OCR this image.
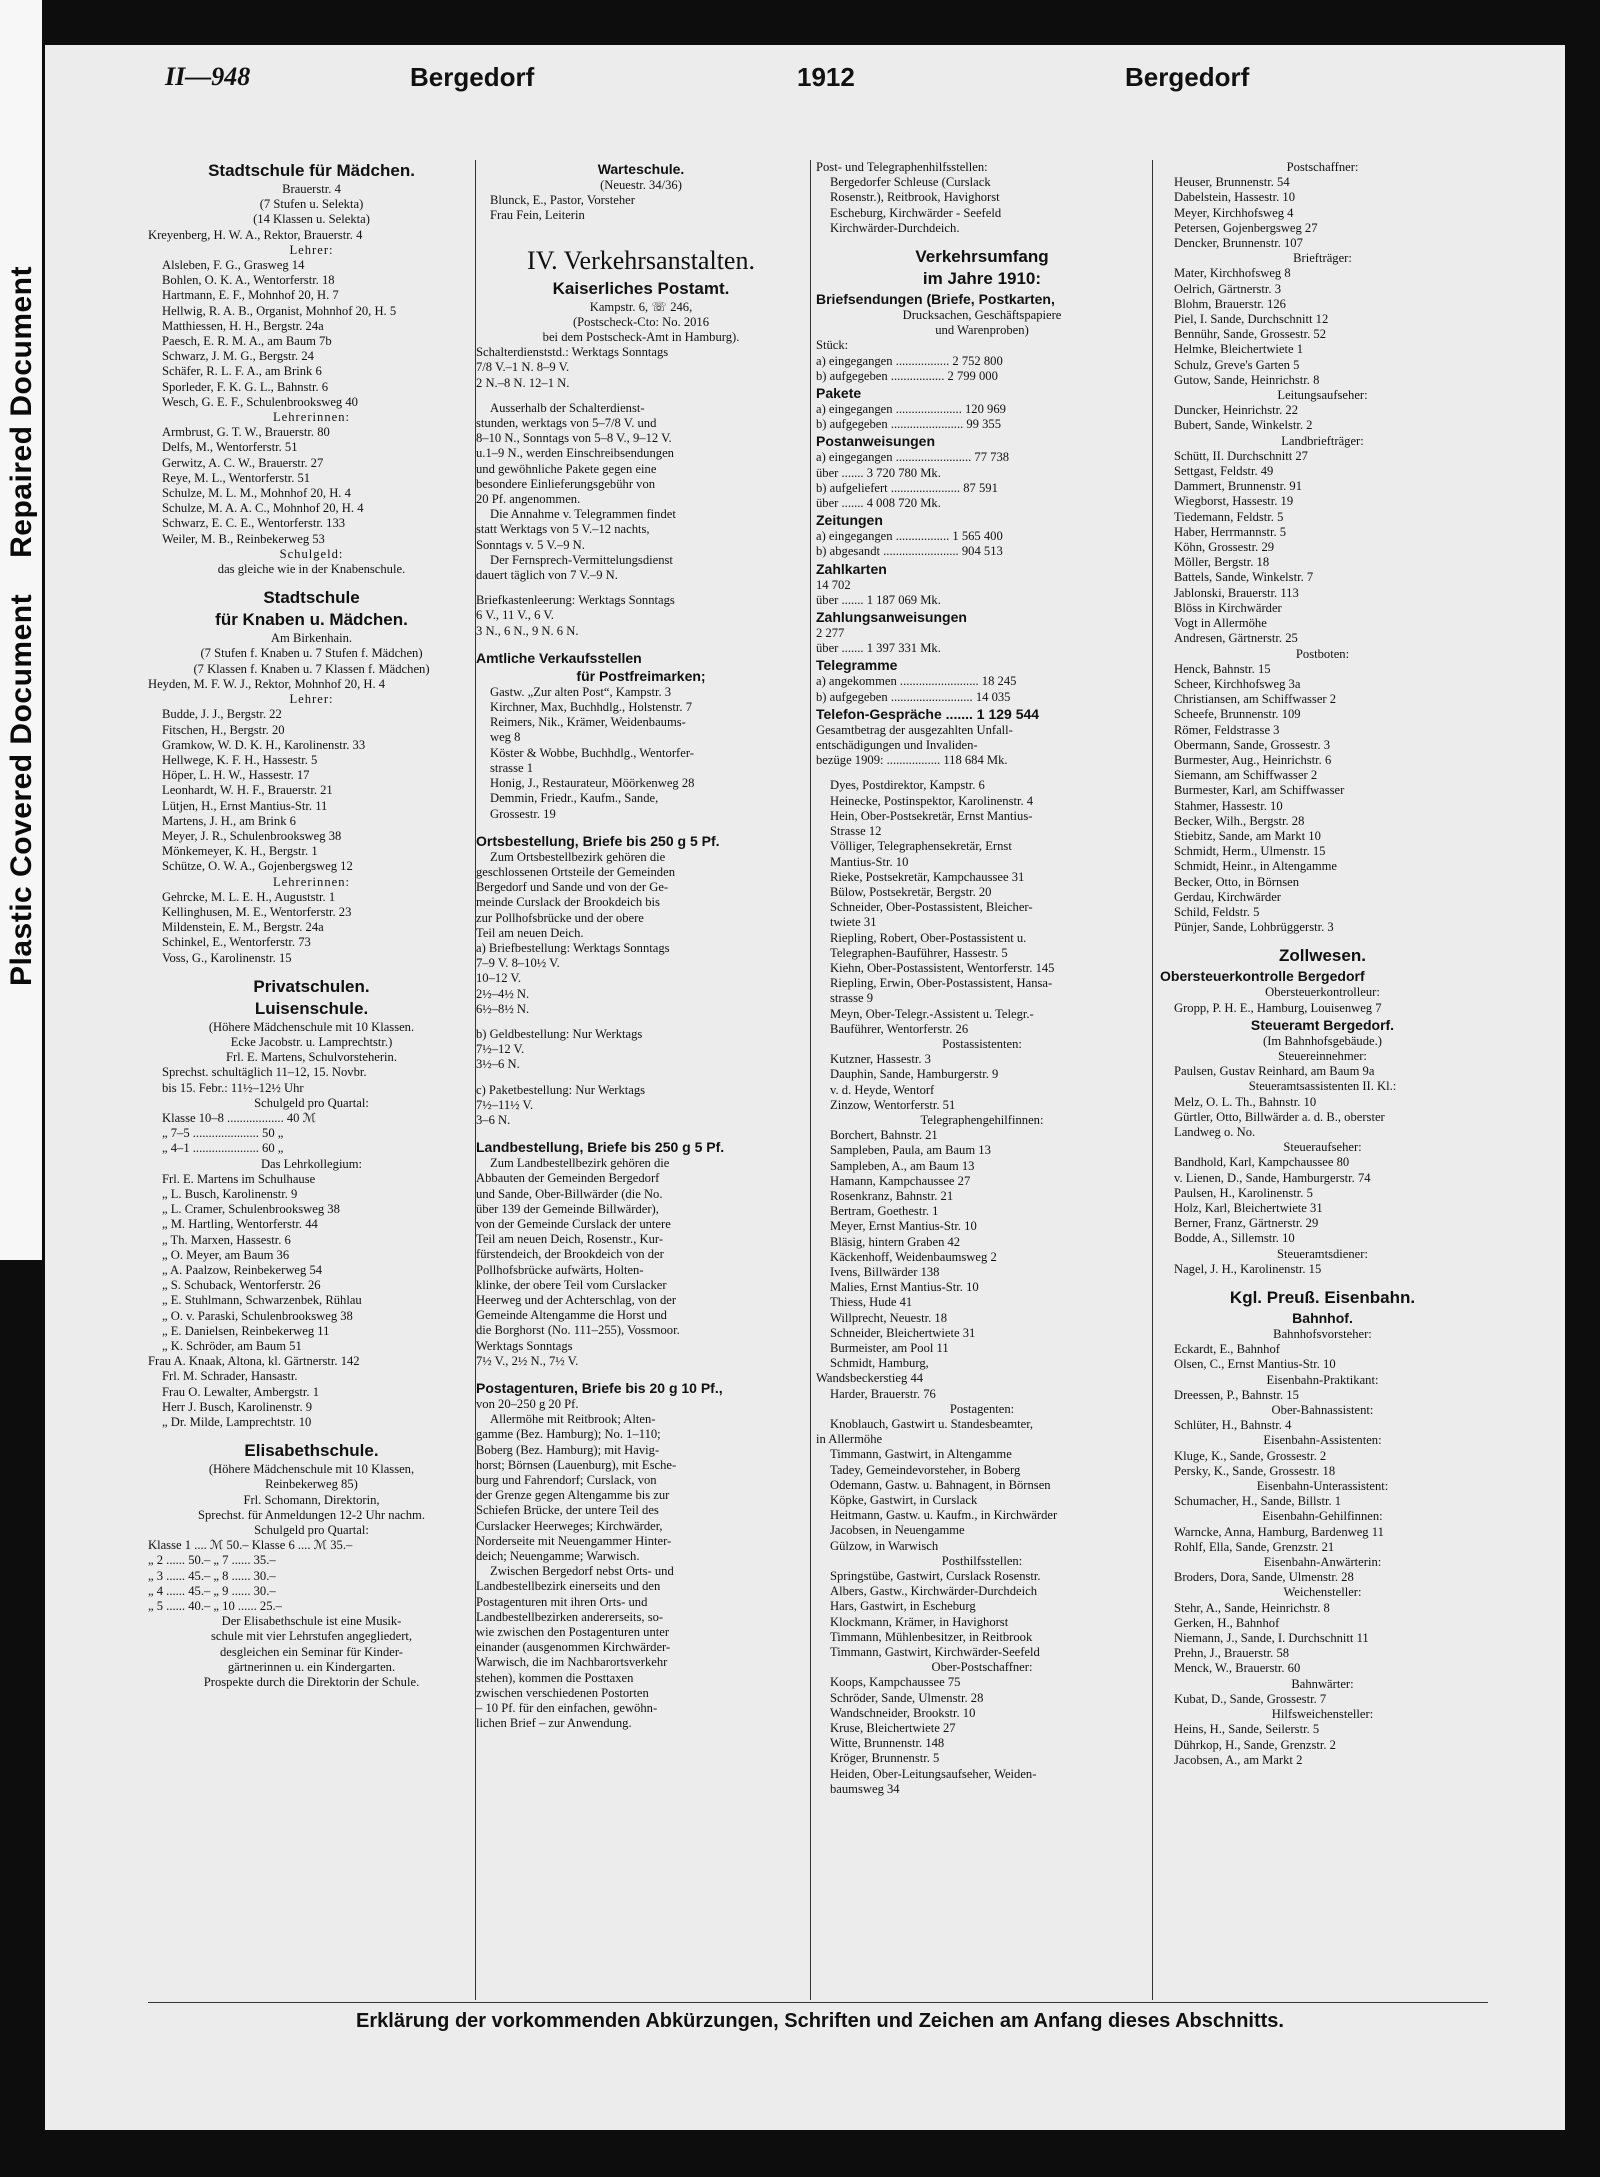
Plastic Covered DocumentRepaired Document
II—948	Bergedorf	1912	Bergedorf
Stadtschule für Mädchen.
Brauerstr. 4
(7 Stufen u. Selekta)
(14 Klassen u. Selekta)
Kreyenberg, H. W. A., Rektor, Brauerstr. 4
Lehrer:
Alsleben, F. G., Grasweg 14
Bohlen, O. K. A., Wentorferstr. 18
Hartmann, E. F., Mohnhof 20, H. 7
Hellwig, R. A. B., Organist, Mohnhof 20, H. 5
Matthiessen, H. H., Bergstr. 24a
Paesch, E. R. M. A., am Baum 7b
Schwarz, J. M. G., Bergstr. 24
Schäfer, R. L. F. A., am Brink 6
Sporleder, F. K. G. L., Bahnstr. 6
Wesch, G. E. F., Schulenbrooksweg 40
Lehrerinnen:
Armbrust, G. T. W., Brauerstr. 80
Delfs, M., Wentorferstr. 51
Gerwitz, A. C. W., Brauerstr. 27
Reye, M. L., Wentorferstr. 51
Schulze, M. L. M., Mohnhof 20, H. 4
Schulze, M. A. A. C., Mohnhof 20, H. 4
Schwarz, E. C. E., Wentorferstr. 133
Weiler, M. B., Reinbekerweg 53
Schulgeld:
das gleiche wie in der Knabenschule.
Stadtschule
für Knaben u. Mädchen.
Am Birkenhain.
(7 Stufen f. Knaben u. 7 Stufen f. Mädchen)
(7 Klassen f. Knaben u. 7 Klassen f. Mädchen)
Heyden, M. F. W. J., Rektor, Mohnhof 20, H. 4
Lehrer:
Budde, J. J., Bergstr. 22
Fitschen, H., Bergstr. 20
Gramkow, W. D. K. H., Karolinenstr. 33
Hellwege, K. F. H., Hassestr. 5
Höper, L. H. W., Hassestr. 17
Leonhardt, W. H. F., Brauerstr. 21
Lütjen, H., Ernst Mantius-Str. 11
Martens, J. H., am Brink 6
Meyer, J. R., Schulenbrooksweg 38
Mönkemeyer, K. H., Bergstr. 1
Schütze, O. W. A., Gojenbergsweg 12
Lehrerinnen:
Gehrcke, M. L. E. H., Auguststr. 1
Kellinghusen, M. E., Wentorferstr. 23
Mildenstein, E. M., Bergstr. 24a
Schinkel, E., Wentorferstr. 73
Voss, G., Karolinenstr. 15
Privatschulen.
Luisenschule.
(Höhere Mädchenschule mit 10 Klassen.
Ecke Jacobstr. u. Lamprechtstr.)
Frl. E. Martens, Schulvorsteherin.
Sprechst. schultäglich 11–12, 15. Novbr.
bis 15. Febr.: 11½–12½ Uhr
Schulgeld pro Quartal:
Klasse 10–8 .................. 40 ℳ
„ 7–5 ..................... 50 „
„ 4–1 ..................... 60 „
Das Lehrkollegium:
Frl. E. Martens im Schulhause
„ L. Busch, Karolinenstr. 9
„ L. Cramer, Schulenbrooksweg 38
„ M. Hartling, Wentorferstr. 44
„ Th. Marxen, Hassestr. 6
„ O. Meyer, am Baum 36
„ A. Paalzow, Reinbekerweg 54
„ S. Schuback, Wentorferstr. 26
„ E. Stuhlmann, Schwarzenbek, Rühlau
„ O. v. Paraski, Schulenbrooksweg 38
„ E. Danielsen, Reinbekerweg 11
„ K. Schröder, am Baum 51
Frau A. Knaak, Altona, kl. Gärtnerstr. 142
Frl. M. Schrader, Hansastr.
Frau O. Lewalter, Ambergstr. 1
Herr J. Busch, Karolinenstr. 9
„ Dr. Milde, Lamprechtstr. 10
Elisabethschule.
(Höhere Mädchenschule mit 10 Klassen,
Reinbekerweg 85)
Frl. Schomann, Direktorin,
Sprechst. für Anmeldungen 12-2 Uhr nachm.
Schulgeld pro Quartal:
Klasse 1 .... ℳ 50.– Klasse 6 .... ℳ 35.–
„ 2 ...... 50.– „ 7 ...... 35.–
„ 3 ...... 45.– „ 8 ...... 30.–
„ 4 ...... 45.– „ 9 ...... 30.–
„ 5 ...... 40.– „ 10 ...... 25.–
Der Elisabethschule ist eine Musik-
schule mit vier Lehrstufen angegliedert,
desgleichen ein Seminar für Kinder-
gärtnerinnen u. ein Kindergarten.
Prospekte durch die Direktorin der Schule.
Warteschule.
(Neuestr. 34/36)
Blunck, E., Pastor, Vorsteher
Frau Fein, Leiterin
IV. Verkehrsanstalten.
Kaiserliches Postamt.
Kampstr. 6, ☏ 246,
(Postscheck-Cto: No. 2016
bei dem Postscheck-Amt in Hamburg).
Schalterdienststd.: Werktags Sonntags
7/8 V.–1 N. 8–9 V.
2 N.–8 N. 12–1 N.
Ausserhalb der Schalterdienst-
stunden, werktags von 5–7/8 V. und
8–10 N., Sonntags von 5–8 V., 9–12 V.
u.1–9 N., werden Einschreibsendungen
und gewöhnliche Pakete gegen eine
besondere Einlieferungsgebühr von
20 Pf. angenommen.
Die Annahme v. Telegrammen findet
statt Werktags von 5 V.–12 nachts,
Sonntags v. 5 V.–9 N.
Der Fernsprech-Vermittelungsdienst
dauert täglich von 7 V.–9 N.
Briefkastenleerung: Werktags Sonntags
6 V., 11 V., 6 V.
3 N., 6 N., 9 N. 6 N.
Amtliche Verkaufsstellen
für Postfreimarken;
Gastw. „Zur alten Post“, Kampstr. 3
Kirchner, Max, Buchhdlg., Holstenstr. 7
Reimers, Nik., Krämer, Weidenbaums-
weg 8
Köster & Wobbe, Buchhdlg., Wentorfer-
strasse 1
Honig, J., Restaurateur, Möörkenweg 28
Demmin, Friedr., Kaufm., Sande,
Grossestr. 19
Ortsbestellung, Briefe bis 250 g 5 Pf.
Zum Ortsbestellbezirk gehören die
geschlossenen Ortsteile der Gemeinden
Bergedorf und Sande und von der Ge-
meinde Curslack der Brookdeich bis
zur Pollhofsbrücke und der obere
Teil am neuen Deich.
a) Briefbestellung: Werktags Sonntags
7–9 V. 8–10½ V.
10–12 V.
2½–4½ N.
6½–8½ N.
b) Geldbestellung: Nur Werktags
7½–12 V.
3½–6 N.
c) Paketbestellung: Nur Werktags
7½–11½ V.
3–6 N.
Landbestellung, Briefe bis 250 g 5 Pf.
Zum Landbestellbezirk gehören die
Abbauten der Gemeinden Bergedorf
und Sande, Ober-Billwärder (die No.
über 139 der Gemeinde Billwärder),
von der Gemeinde Curslack der untere
Teil am neuen Deich, Rosenstr., Kur-
fürstendeich, der Brookdeich von der
Pollhofsbrücke aufwärts, Holten-
klinke, der obere Teil vom Curslacker
Heerweg und der Achterschlag, von der
Gemeinde Altengamme die Horst und
die Borghorst (No. 111–255), Vossmoor.
Werktags Sonntags
7½ V., 2½ N., 7½ V.
Postagenturen, Briefe bis 20 g 10 Pf.,
von 20–250 g 20 Pf.
Allermöhe mit Reitbrook; Alten-
gamme (Bez. Hamburg); No. 1–110;
Boberg (Bez. Hamburg); mit Havig-
horst; Börnsen (Lauenburg), mit Esche-
burg und Fahrendorf; Curslack, von
der Grenze gegen Altengamme bis zur
Schiefen Brücke, der untere Teil des
Curslacker Heerweges; Kirchwärder,
Norderseite mit Neuengammer Hinter-
deich; Neuengamme; Warwisch.
Zwischen Bergedorf nebst Orts- und
Landbestellbezirk einerseits und den
Postagenturen mit ihren Orts- und
Landbestellbezirken andererseits, so-
wie zwischen den Postagenturen unter
einander (ausgenommen Kirchwärder-
Warwisch, die im Nachbarortsverkehr
stehen), kommen die Posttaxen
zwischen verschiedenen Postorten
– 10 Pf. für den einfachen, gewöhn-
lichen Brief – zur Anwendung.
Post- und Telegraphenhilfsstellen:
Bergedorfer Schleuse (Curslack
Rosenstr.), Reitbrook, Havighorst
Escheburg, Kirchwärder - Seefeld
Kirchwärder-Durchdeich.
Verkehrsumfang
im Jahre 1910:
Briefsendungen (Briefe, Postkarten,
Drucksachen, Geschäftspapiere
und Warenproben)
Stück:
a) eingegangen ................. 2 752 800
b) aufgegeben ................. 2 799 000
Pakete
a) eingegangen ..................... 120 969
b) aufgegeben ....................... 99 355
Postanweisungen
a) eingegangen ........................ 77 738
über ....... 3 720 780 Mk.
b) aufgeliefert ...................... 87 591
über ....... 4 008 720 Mk.
Zeitungen
a) eingegangen ................. 1 565 400
b) abgesandt ........................ 904 513
Zahlkarten
14 702
über ....... 1 187 069 Mk.
Zahlungsanweisungen
2 277
über ....... 1 397 331 Mk.
Telegramme
a) angekommen ......................... 18 245
b) aufgegeben .......................... 14 035
Telefon-Gespräche ....... 1 129 544
Gesamtbetrag der ausgezahlten Unfall-
entschädigungen und Invaliden-
bezüge 1909: ................. 118 684 Mk.
Dyes, Postdirektor, Kampstr. 6
Heinecke, Postinspektor, Karolinenstr. 4
Hein, Ober-Postsekretär, Ernst Mantius-
Strasse 12
Völliger, Telegraphensekretär, Ernst
Mantius-Str. 10
Rieke, Postsekretär, Kampchaussee 31
Bülow, Postsekretär, Bergstr. 20
Schneider, Ober-Postassistent, Bleicher-
twiete 31
Riepling, Robert, Ober-Postassistent u.
Telegraphen-Bauführer, Hassestr. 5
Kiehn, Ober-Postassistent, Wentorferstr. 145
Riepling, Erwin, Ober-Postassistent, Hansa-
strasse 9
Meyn, Ober-Telegr.-Assistent u. Telegr.-
Bauführer, Wentorferstr. 26
Postassistenten:
Kutzner, Hassestr. 3
Dauphin, Sande, Hamburgerstr. 9
v. d. Heyde, Wentorf
Zinzow, Wentorferstr. 51
Telegraphengehilfinnen:
Borchert, Bahnstr. 21
Sampleben, Paula, am Baum 13
Sampleben, A., am Baum 13
Hamann, Kampchaussee 27
Rosenkranz, Bahnstr. 21
Bertram, Goethestr. 1
Meyer, Ernst Mantius-Str. 10
Bläsig, hintern Graben 42
Käckenhoff, Weidenbaumsweg 2
Ivens, Billwärder 138
Malies, Ernst Mantius-Str. 10
Thiess, Hude 41
Willprecht, Neuestr. 18
Schneider, Bleichertwiete 31
Burmeister, am Pool 11
Schmidt, Hamburg,
Wandsbeckerstieg 44
Harder, Brauerstr. 76
Postagenten:
Knoblauch, Gastwirt u. Standesbeamter,
in Allermöhe
Timmann, Gastwirt, in Altengamme
Tadey, Gemeindevorsteher, in Boberg
Odemann, Gastw. u. Bahnagent, in Börnsen
Köpke, Gastwirt, in Curslack
Heitmann, Gastw. u. Kaufm., in Kirchwärder
Jacobsen, in Neuengamme
Gülzow, in Warwisch
Posthilfsstellen:
Springstübe, Gastwirt, Curslack Rosenstr.
Albers, Gastw., Kirchwärder-Durchdeich
Hars, Gastwirt, in Escheburg
Klockmann, Krämer, in Havighorst
Timmann, Mühlenbesitzer, in Reitbrook
Timmann, Gastwirt, Kirchwärder-Seefeld
Ober-Postschaffner:
Koops, Kampchaussee 75
Schröder, Sande, Ulmenstr. 28
Wandschneider, Brookstr. 10
Kruse, Bleichertwiete 27
Witte, Brunnenstr. 148
Kröger, Brunnenstr. 5
Heiden, Ober-Leitungsaufseher, Weiden-
baumsweg 34
Postschaffner:
Heuser, Brunnenstr. 54
Dabelstein, Hassestr. 10
Meyer, Kirchhofsweg 4
Petersen, Gojenbergsweg 27
Dencker, Brunnenstr. 107
Briefträger:
Mater, Kirchhofsweg 8
Oelrich, Gärtnerstr. 3
Blohm, Brauerstr. 126
Piel, I. Sande, Durchschnitt 12
Bennühr, Sande, Grossestr. 52
Helmke, Bleichertwiete 1
Schulz, Greve's Garten 5
Gutow, Sande, Heinrichstr. 8
Leitungsaufseher:
Duncker, Heinrichstr. 22
Bubert, Sande, Winkelstr. 2
Landbriefträger:
Schütt, II. Durchschnitt 27
Settgast, Feldstr. 49
Dammert, Brunnenstr. 91
Wiegborst, Hassestr. 19
Tiedemann, Feldstr. 5
Haber, Herrmannstr. 5
Köhn, Grossestr. 29
Möller, Bergstr. 18
Battels, Sande, Winkelstr. 7
Jablonski, Brauerstr. 113
Blöss in Kirchwärder
Vogt in Allermöhe
Andresen, Gärtnerstr. 25
Postboten:
Henck, Bahnstr. 15
Scheer, Kirchhofsweg 3a
Christiansen, am Schiffwasser 2
Scheefe, Brunnenstr. 109
Römer, Feldstrasse 3
Obermann, Sande, Grossestr. 3
Burmester, Aug., Heinrichstr. 6
Siemann, am Schiffwasser 2
Burmester, Karl, am Schiffwasser
Stahmer, Hassestr. 10
Becker, Wilh., Bergstr. 28
Stiebitz, Sande, am Markt 10
Schmidt, Herm., Ulmenstr. 15
Schmidt, Heinr., in Altengamme
Becker, Otto, in Börnsen
Gerdau, Kirchwärder
Schild, Feldstr. 5
Pünjer, Sande, Lohbrüggerstr. 3
Zollwesen.
Obersteuerkontrolle Bergedorf
Obersteuerkontrolleur:
Gropp, P. H. E., Hamburg, Louisenweg 7
Steueramt Bergedorf.
(Im Bahnhofsgebäude.)
Steuereinnehmer:
Paulsen, Gustav Reinhard, am Baum 9a
Steueramtsassistenten II. Kl.:
Melz, O. L. Th., Bahnstr. 10
Gürtler, Otto, Billwärder a. d. B., oberster
Landweg o. No.
Steueraufseher:
Bandhold, Karl, Kampchaussee 80
v. Lienen, D., Sande, Hamburgerstr. 74
Paulsen, H., Karolinenstr. 5
Holz, Karl, Bleichertwiete 31
Berner, Franz, Gärtnerstr. 29
Bodde, A., Sillemstr. 10
Steueramtsdiener:
Nagel, J. H., Karolinenstr. 15
Kgl. Preuß. Eisenbahn.
Bahnhof.
Bahnhofsvorsteher:
Eckardt, E., Bahnhof
Olsen, C., Ernst Mantius-Str. 10
Eisenbahn-Praktikant:
Dreessen, P., Bahnstr. 15
Ober-Bahnassistent:
Schlüter, H., Bahnstr. 4
Eisenbahn-Assistenten:
Kluge, K., Sande, Grossestr. 2
Persky, K., Sande, Grossestr. 18
Eisenbahn-Unterassistent:
Schumacher, H., Sande, Billstr. 1
Eisenbahn-Gehilfinnen:
Warncke, Anna, Hamburg, Bardenweg 11
Rohlf, Ella, Sande, Grenzstr. 21
Eisenbahn-Anwärterin:
Broders, Dora, Sande, Ulmenstr. 28
Weichensteller:
Stehr, A., Sande, Heinrichstr. 8
Gerken, H., Bahnhof
Niemann, J., Sande, I. Durchschnitt 11
Prehn, J., Brauerstr. 58
Menck, W., Brauerstr. 60
Bahnwärter:
Kubat, D., Sande, Grossestr. 7
Hilfsweichensteller:
Heins, H., Sande, Seilerstr. 5
Dührkop, H., Sande, Grenzstr. 2
Jacobsen, A., am Markt 2
Erklärung der vorkommenden Abkürzungen, Schriften und Zeichen am Anfang dieses Abschnitts.
